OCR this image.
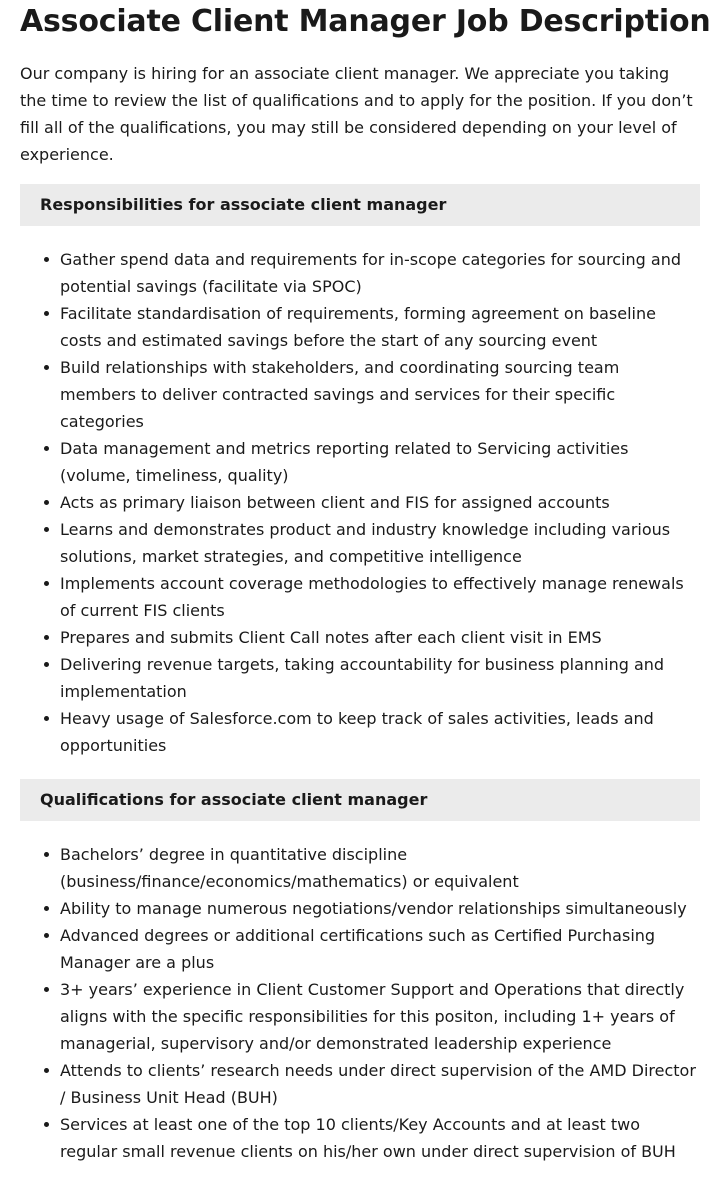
Associate Client Manager Job Description

Our company is hiring for an associate client manager. We appreciate you taking the time to review the list of qualifications and to apply for the position. If you don’t fill all of the qualifications, you may still be considered depending on your level of experience.

Responsibilities for associate client manager
Gather spend data and requirements for in-scope categories for sourcing and potential savings (facilitate via SPOC)
Facilitate standardisation of requirements, forming agreement on baseline costs and estimated savings before the start of any sourcing event
Build relationships with stakeholders, and coordinating sourcing team members to deliver contracted savings and services for their specific categories
Data management and metrics reporting related to Servicing activities (volume, timeliness, quality)
Acts as primary liaison between client and FIS for assigned accounts
Learns and demonstrates product and industry knowledge including various solutions, market strategies, and competitive intelligence
Implements account coverage methodologies to effectively manage renewals of current FIS clients
Prepares and submits Client Call notes after each client visit in EMS
Delivering revenue targets, taking accountability for business planning and implementation
Heavy usage of Salesforce.com to keep track of sales activities, leads and opportunities
Qualifications for associate client manager
Bachelors’ degree in quantitative discipline (business/finance/economics/mathematics) or equivalent
Ability to manage numerous negotiations/vendor relationships simultaneously
Advanced degrees or additional certifications such as Certified Purchasing Manager are a plus
3+ years’ experience in Client Customer Support and Operations that directly aligns with the specific responsibilities for this positon, including 1+ years of managerial, supervisory and/or demonstrated leadership experience
Attends to clients’ research needs under direct supervision of the AMD Director / Business Unit Head (BUH)
Services at least one of the top 10 clients/Key Accounts and at least two regular small revenue clients on his/her own under direct supervision of BUH
